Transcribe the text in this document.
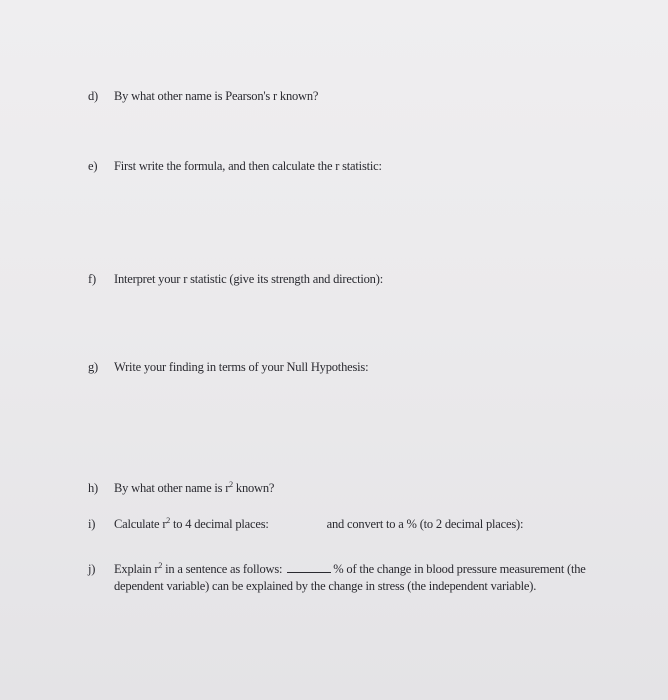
d) By what other name is Pearson's r known?
e) First write the formula, and then calculate the r statistic:
f) Interpret your r statistic (give its strength and direction):
g) Write your finding in terms of your Null Hypothesis:
h) By what other name is $r^2$ known?
i) Calculate $r^2$ to 4 decimal places:	and convert to a % (to 2 decimal places):
j) Explain $r^2$ in a sentence as follows:	% of the change in blood pressure measurement (the
dependent variable) can be explained by the change in stress (the independent variable).
